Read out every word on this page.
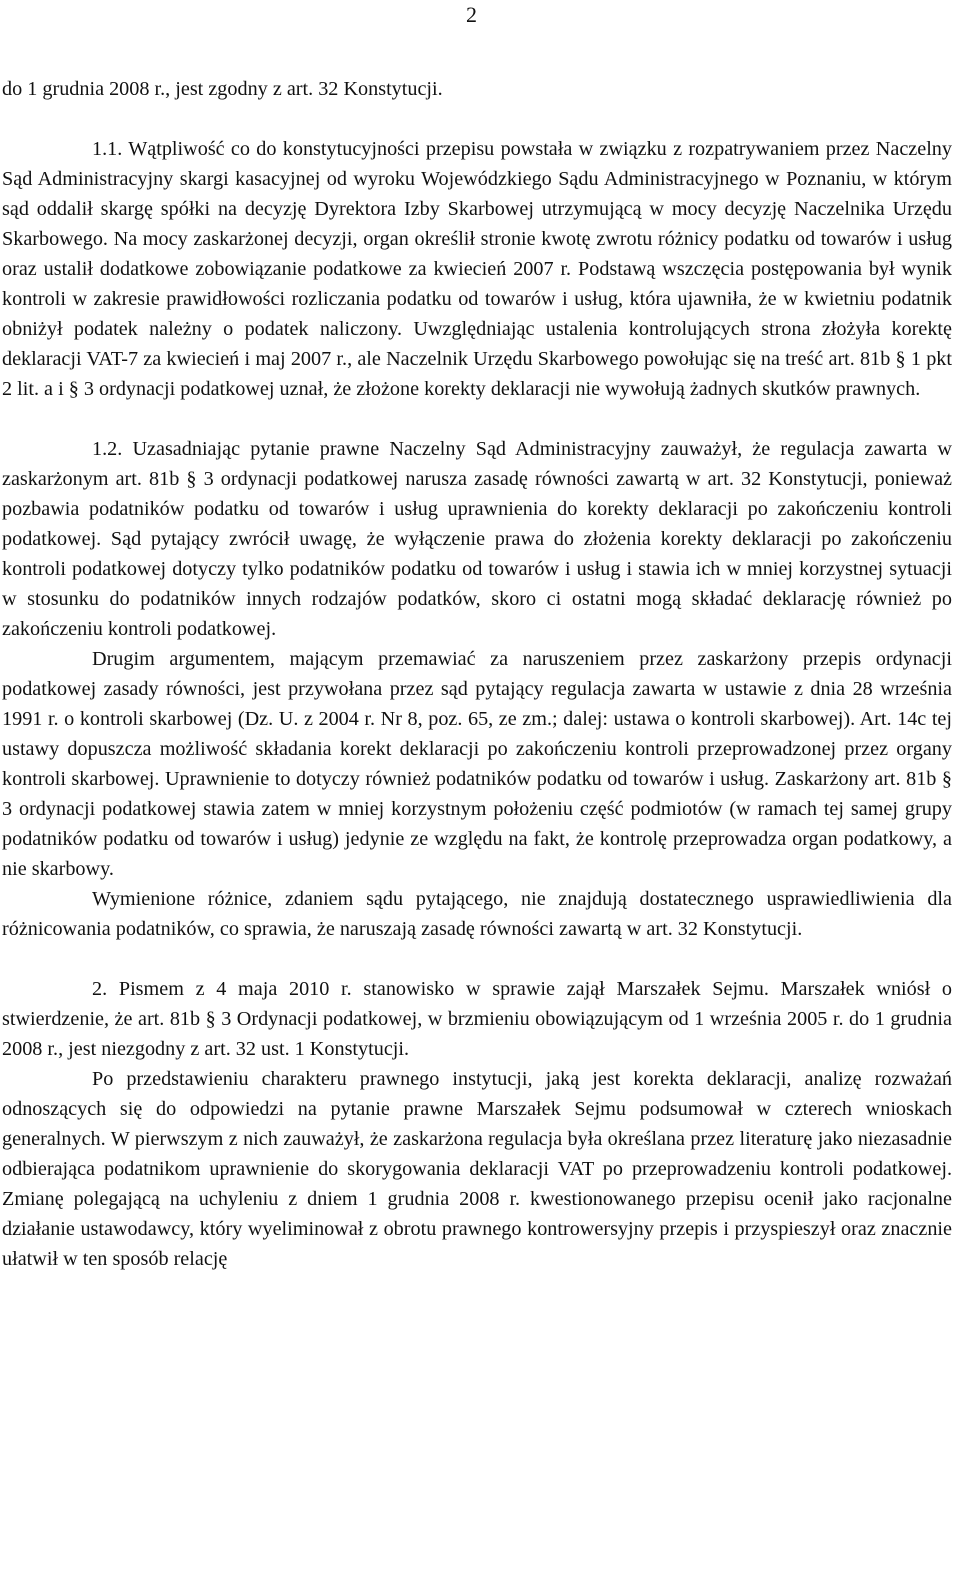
2

do 1 grudnia 2008 r., jest zgodny z art. 32 Konstytucji.

1.1. Wątpliwość co do konstytucyjności przepisu powstała w związku z rozpatrywaniem przez Naczelny Sąd Administracyjny skargi kasacyjnej od wyroku Wojewódzkiego Sądu Administracyjnego w Poznaniu, w którym sąd oddalił skargę spółki na decyzję Dyrektora Izby Skarbowej utrzymującą w mocy decyzję Naczelnika Urzędu Skarbowego. Na mocy zaskarżonej decyzji, organ określił stronie kwotę zwrotu różnicy podatku od towarów i usług oraz ustalił dodatkowe zobowiązanie podatkowe za kwiecień 2007 r. Podstawą wszczęcia postępowania był wynik kontroli w zakresie prawidłowości rozliczania podatku od towarów i usług, która ujawniła, że w kwietniu podatnik obniżył podatek należny o podatek naliczony. Uwzględniając ustalenia kontrolujących strona złożyła korektę deklaracji VAT-7 za kwiecień i maj 2007 r., ale Naczelnik Urzędu Skarbowego powołując się na treść art. 81b § 1 pkt 2 lit. a i § 3 ordynacji podatkowej uznał, że złożone korekty deklaracji nie wywołują żadnych skutków prawnych.

1.2. Uzasadniając pytanie prawne Naczelny Sąd Administracyjny zauważył, że regulacja zawarta w zaskarżonym art. 81b § 3 ordynacji podatkowej narusza zasadę równości zawartą w art. 32 Konstytucji, ponieważ pozbawia podatników podatku od towarów i usług uprawnienia do korekty deklaracji po zakończeniu kontroli podatkowej. Sąd pytający zwrócił uwagę, że wyłączenie prawa do złożenia korekty deklaracji po zakończeniu kontroli podatkowej dotyczy tylko podatników podatku od towarów i usług i stawia ich w mniej korzystnej sytuacji w stosunku do podatników innych rodzajów podatków, skoro ci ostatni mogą składać deklarację również po zakończeniu kontroli podatkowej.

Drugim argumentem, mającym przemawiać za naruszeniem przez zaskarżony przepis ordynacji podatkowej zasady równości, jest przywołana przez sąd pytający regulacja zawarta w ustawie z dnia 28 września 1991 r. o kontroli skarbowej (Dz. U. z 2004 r. Nr 8, poz. 65, ze zm.; dalej: ustawa o kontroli skarbowej). Art. 14c tej ustawy dopuszcza możliwość składania korekt deklaracji po zakończeniu kontroli przeprowadzonej przez organy kontroli skarbowej. Uprawnienie to dotyczy również podatników podatku od towarów i usług. Zaskarżony art. 81b § 3 ordynacji podatkowej stawia zatem w mniej korzystnym położeniu część podmiotów (w ramach tej samej grupy podatników podatku od towarów i usług) jedynie ze względu na fakt, że kontrolę przeprowadza organ podatkowy, a nie skarbowy.

Wymienione różnice, zdaniem sądu pytającego, nie znajdują dostatecznego usprawiedliwienia dla różnicowania podatników, co sprawia, że naruszają zasadę równości zawartą w art. 32 Konstytucji.

2. Pismem z 4 maja 2010 r. stanowisko w sprawie zajął Marszałek Sejmu. Marszałek wniósł o stwierdzenie, że art. 81b § 3 Ordynacji podatkowej, w brzmieniu obowiązującym od 1 września 2005 r. do 1 grudnia 2008 r., jest niezgodny z art. 32 ust. 1 Konstytucji.

Po przedstawieniu charakteru prawnego instytucji, jaką jest korekta deklaracji, analizę rozważań odnoszących się do odpowiedzi na pytanie prawne Marszałek Sejmu podsumował w czterech wnioskach generalnych. W pierwszym z nich zauważył, że zaskarżona regulacja była określana przez literaturę jako niezasadnie odbierająca podatnikom uprawnienie do skorygowania deklaracji VAT po przeprowadzeniu kontroli podatkowej. Zmianę polegającą na uchyleniu z dniem 1 grudnia 2008 r. kwestionowanego przepisu ocenił jako racjonalne działanie ustawodawcy, który wyeliminował z obrotu prawnego kontrowersyjny przepis i przyspieszył oraz znacznie ułatwił w ten sposób relację
